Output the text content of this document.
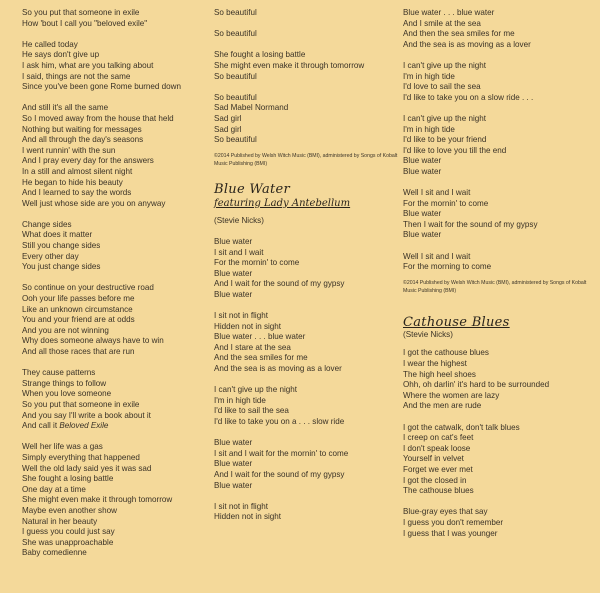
So you put that someone in exile
How 'bout I call you "beloved exile"
He called today
He says don't give up
I ask him, what are you talking about
I said, things are not the same
Since you've been gone Rome burned down
And still it's all the same
So I moved away from the house that held
Nothing but waiting for messages
And all through the day's seasons
I went runnin' with the sun
And I pray every day for the answers
In a still and almost silent night
He began to hide his beauty
And I learned to say the words
Well just whose side are you on anyway
Change sides
What does it matter
Still you change sides
Every other day
You just change sides
So continue on your destructive road
Ooh your life passes before me
Like an unknown circumstance
You and your friend are at odds
And you are not winning
Why does someone always have to win
And all those races that are run
They cause patterns
Strange things to follow
When you love someone
So you put that someone in exile
And you say I'll write a book about it
And call it Beloved Exile
Well her life was a gas
Simply everything that happened
Well the old lady said yes it was sad
She fought a losing battle
One day at a time
She might even make it through tomorrow
Maybe even another show
Natural in her beauty
I guess you could just say
She was unapproachable
Baby comedienne
So beautiful
So beautiful
She fought a losing battle
She might even make it through tomorrow
So beautiful
So beautiful
Sad Mabel Normand
Sad girl
Sad girl
So beautiful
©2014 Published by Welsh Witch Music (BMI), administered by Songs of Kobalt Music Publishing (BMI)
Blue Water
featuring Lady Antebellum
(Stevie Nicks)
Blue water
I sit and I wait
For the mornin' to come
Blue water
And I wait for the sound of my gypsy
Blue water
I sit not in flight
Hidden not in sight
Blue water . . . blue water
And I stare at the sea
And the sea smiles for me
And the sea is as moving as a lover
I can't give up the night
I'm in high tide
I'd like to sail the sea
I'd like to take you on a . . . slow ride
Blue water
I sit and I wait for the mornin' to come
Blue water
And I wait for the sound of my gypsy
Blue water
I sit not in flight
Hidden not in sight
Blue water . . . blue water
And I smile at the sea
And then the sea smiles for me
And the sea is as moving as a lover
I can't give up the night
I'm in high tide
I'd love to sail the sea
I'd like to take you on a slow ride . . .
I can't give up the night
I'm in high tide
I'd like to be your friend
I'd like to love you till the end
Blue water
Blue water
Well I sit and I wait
For the mornin' to come
Blue water
Then I wait for the sound of my gypsy
Blue water
Well I sit and I wait
For the morning to come
©2014 Published by Welsh Witch Music (BMI), administered by Songs of Kobalt Music Publishing (BMI)
Cathouse Blues
(Stevie Nicks)
I got the cathouse blues
I wear the highest
The high heel shoes
Ohh, oh darlin' it's hard to be surrounded
Where the women are lazy
And the men are rude
I got the catwalk, don't talk blues
I creep on cat's feet
I don't speak loose
Yourself in velvet
Forget we ever met
I got the closed in
The cathouse blues
Blue-gray eyes that say
I guess you don't remember
I guess that I was younger
